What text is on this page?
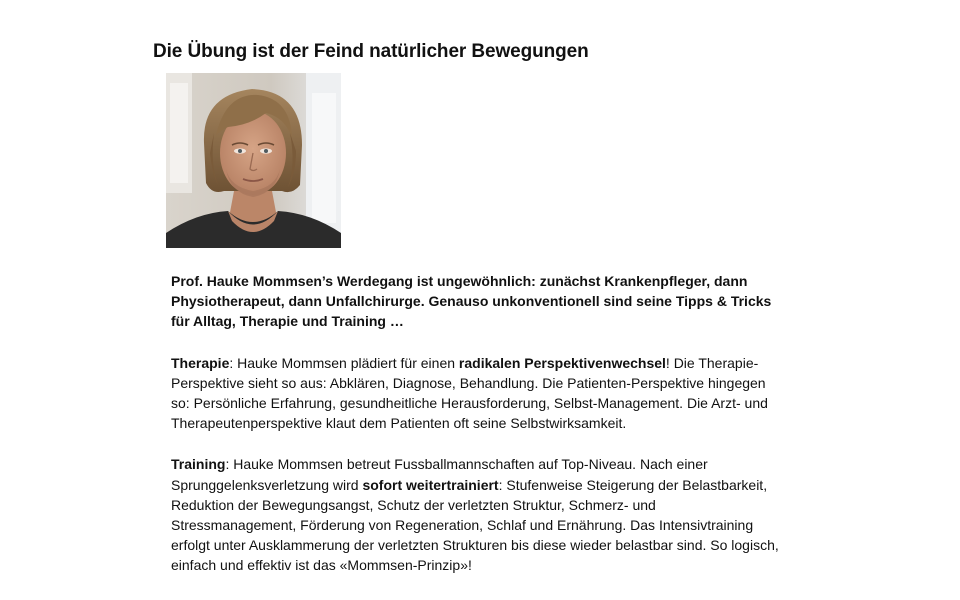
Die Übung ist der Feind natürlicher Bewegungen

Prof. Hauke Mommsen’s Werdegang ist ungewöhnlich: zunächst Krankenpfleger, dann Physiotherapeut, dann Unfallchirurge. Genauso unkonventionell sind seine Tipps & Tricks für Alltag, Therapie und Training …

Therapie: Hauke Mommsen plädiert für einen radikalen Perspektivenwechsel! Die Therapie-Perspektive sieht so aus: Abklären, Diagnose, Behandlung. Die Patienten-Perspektive hingegen so: Persönliche Erfahrung, gesundheitliche Herausforderung, Selbst-Management. Die Arzt- und Therapeutenperspektive klaut dem Patienten oft seine Selbstwirksamkeit.

Training: Hauke Mommsen betreut Fussballmannschaften auf Top-Niveau. Nach einer Sprunggelenksverletzung wird sofort weitertrainiert: Stufenweise Steigerung der Belastbarkeit, Reduktion der Bewegungsangst, Schutz der verletzten Struktur, Schmerz- und Stressmanagement, Förderung von Regeneration, Schlaf und Ernährung. Das Intensivtraining erfolgt unter Ausklammerung der verletzten Strukturen bis diese wieder belastbar sind. So logisch, einfach und effektiv ist das «Mommsen-Prinzip»!
